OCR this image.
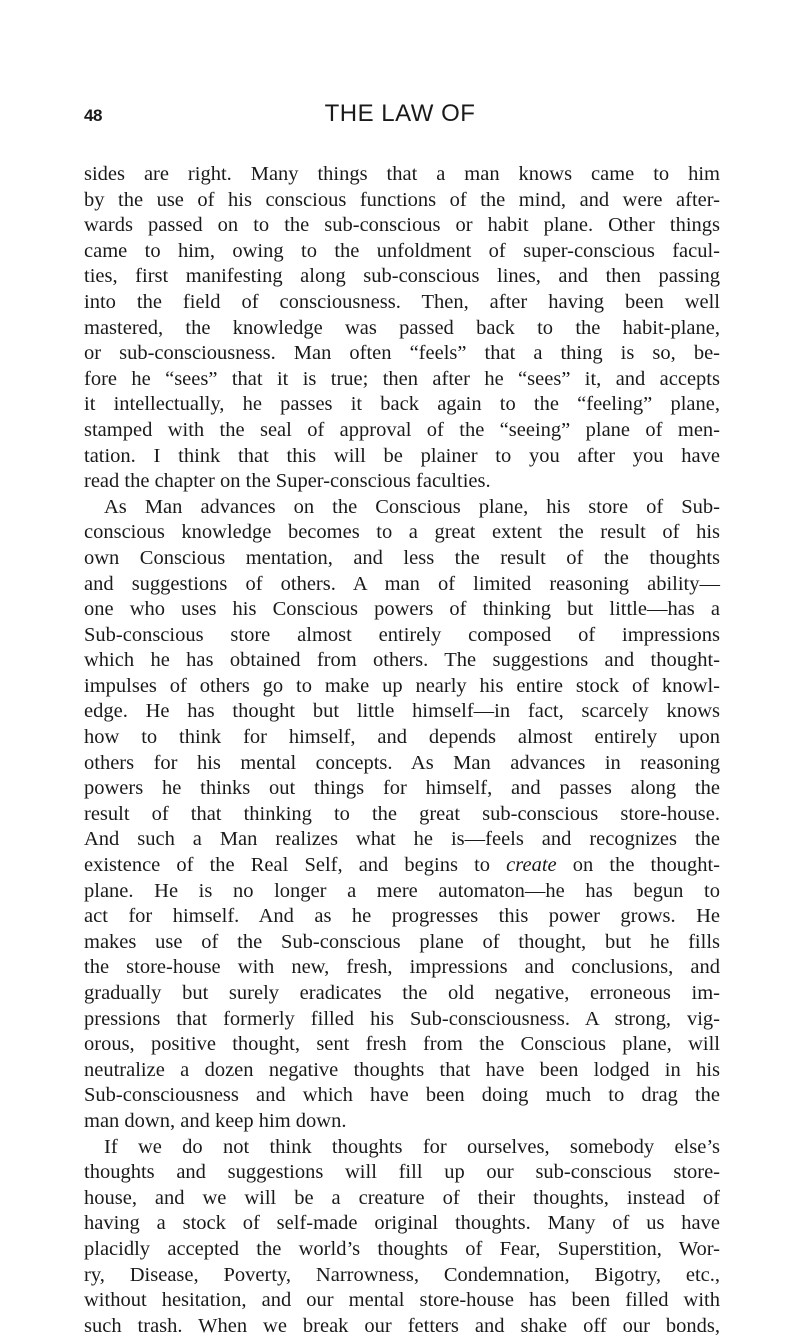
48	THE LAW OF
sides are right. Many things that a man knows came to him
by the use of his conscious functions of the mind, and were after-
wards passed on to the sub-conscious or habit plane. Other things
came to him, owing to the unfoldment of super-conscious facul-
ties, first manifesting along sub-conscious lines, and then passing
into the field of consciousness. Then, after having been well
mastered, the knowledge was passed back to the habit-plane,
or sub-consciousness. Man often “feels” that a thing is so, be-
fore he “sees” that it is true; then after he “sees” it, and accepts
it intellectually, he passes it back again to the “feeling” plane,
stamped with the seal of approval of the “seeing” plane of men-
tation. I think that this will be plainer to you after you have
read the chapter on the Super-conscious faculties.
As Man advances on the Conscious plane, his store of Sub-
conscious knowledge becomes to a great extent the result of his
own Conscious mentation, and less the result of the thoughts
and suggestions of others. A man of limited reasoning ability—
one who uses his Conscious powers of thinking but little—has a
Sub-conscious store almost entirely composed of impressions
which he has obtained from others. The suggestions and thought-
impulses of others go to make up nearly his entire stock of knowl-
edge. He has thought but little himself—in fact, scarcely knows
how to think for himself, and depends almost entirely upon
others for his mental concepts. As Man advances in reasoning
powers he thinks out things for himself, and passes along the
result of that thinking to the great sub-conscious store-house.
And such a Man realizes what he is—feels and recognizes the
existence of the Real Self, and begins to create on the thought-
plane. He is no longer a mere automaton—he has begun to
act for himself. And as he progresses this power grows. He
makes use of the Sub-conscious plane of thought, but he fills
the store-house with new, fresh, impressions and conclusions, and
gradually but surely eradicates the old negative, erroneous im-
pressions that formerly filled his Sub-consciousness. A strong, vig-
orous, positive thought, sent fresh from the Conscious plane, will
neutralize a dozen negative thoughts that have been lodged in his
Sub-consciousness and which have been doing much to drag the
man down, and keep him down.
If we do not think thoughts for ourselves, somebody else’s
thoughts and suggestions will fill up our sub-conscious store-
house, and we will be a creature of their thoughts, instead of
having a stock of self-made original thoughts. Many of us have
placidly accepted the world’s thoughts of Fear, Superstition, Wor-
ry, Disease, Poverty, Narrowness, Condemnation, Bigotry, etc.,
without hesitation, and our mental store-house has been filled with
such trash. When we break our fetters and shake off our bonds,
